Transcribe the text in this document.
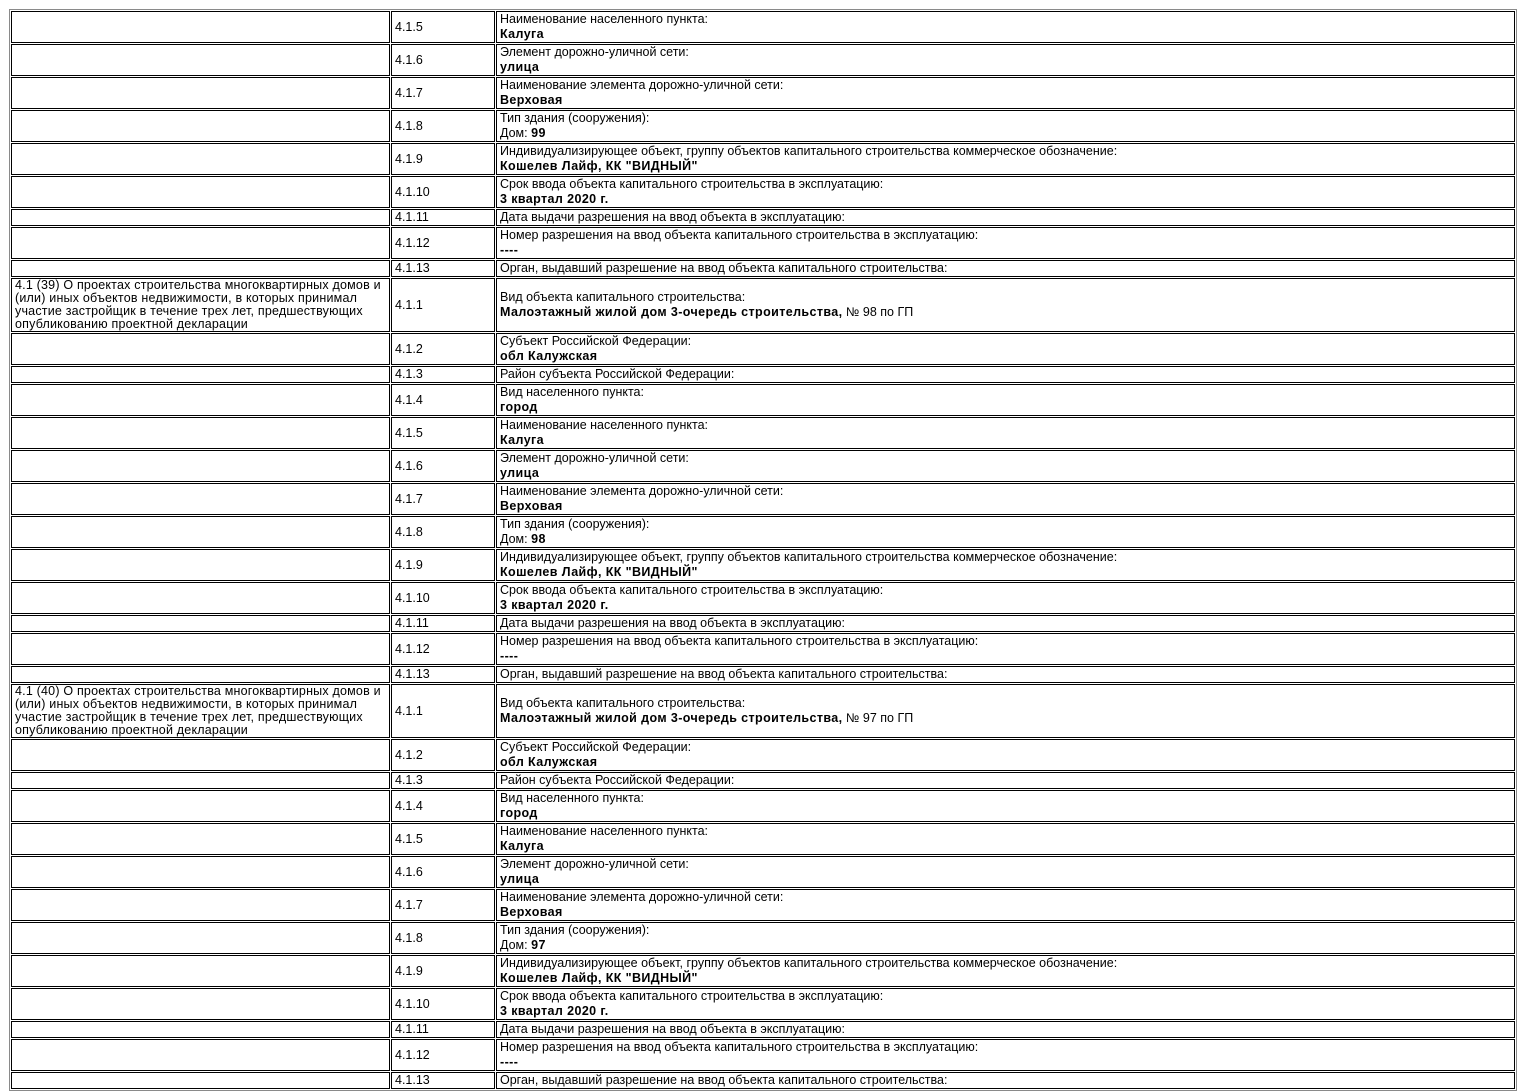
	4.1.5	Наименование населенного пункта:
Калуга

	4.1.6	Элемент дорожно-уличной сети:
улица

	4.1.7	Наименование элемента дорожно-уличной сети:
Верховая

	4.1.8	Тип здания (сооружения):
Дом: 99

	4.1.9	Индивидуализирующее объект, группу объектов капитального строительства коммерческое обозначение:
Кошелев Лайф, КК "ВИДНЫЙ"

	4.1.10	Срок ввода объекта капитального строительства в эксплуатацию:
3 квартал 2020 г.

	4.1.11	Дата выдачи разрешения на ввод объекта в эксплуатацию:

	4.1.12	Номер разрешения на ввод объекта капитального строительства в эксплуатацию:
----

	4.1.13	Орган, выдавший разрешение на ввод объекта капитального строительства:

4.1 (39) О проектах строительства многоквартирных домов и (или) иных объектов недвижимости, в которых принимал участие застройщик в течение трех лет, предшествующих опубликованию проектной декларации	4.1.1	Вид объекта капитального строительства:
Малоэтажный жилой дом 3-очередь строительства, № 98 по ГП

	4.1.2	Субъект Российской Федерации:
обл Калужская

	4.1.3	Район субъекта Российской Федерации:

	4.1.4	Вид населенного пункта:
город

	4.1.5	Наименование населенного пункта:
Калуга

	4.1.6	Элемент дорожно-уличной сети:
улица

	4.1.7	Наименование элемента дорожно-уличной сети:
Верховая

	4.1.8	Тип здания (сооружения):
Дом: 98

	4.1.9	Индивидуализирующее объект, группу объектов капитального строительства коммерческое обозначение:
Кошелев Лайф, КК "ВИДНЫЙ"

	4.1.10	Срок ввода объекта капитального строительства в эксплуатацию:
3 квартал 2020 г.

	4.1.11	Дата выдачи разрешения на ввод объекта в эксплуатацию:

	4.1.12	Номер разрешения на ввод объекта капитального строительства в эксплуатацию:
----

	4.1.13	Орган, выдавший разрешение на ввод объекта капитального строительства:

4.1 (40) О проектах строительства многоквартирных домов и (или) иных объектов недвижимости, в которых принимал участие застройщик в течение трех лет, предшествующих опубликованию проектной декларации	4.1.1	Вид объекта капитального строительства:
Малоэтажный жилой дом 3-очередь строительства, № 97 по ГП

	4.1.2	Субъект Российской Федерации:
обл Калужская

	4.1.3	Район субъекта Российской Федерации:

	4.1.4	Вид населенного пункта:
город

	4.1.5	Наименование населенного пункта:
Калуга

	4.1.6	Элемент дорожно-уличной сети:
улица

	4.1.7	Наименование элемента дорожно-уличной сети:
Верховая

	4.1.8	Тип здания (сооружения):
Дом: 97

	4.1.9	Индивидуализирующее объект, группу объектов капитального строительства коммерческое обозначение:
Кошелев Лайф, КК "ВИДНЫЙ"

	4.1.10	Срок ввода объекта капитального строительства в эксплуатацию:
3 квартал 2020 г.

	4.1.11	Дата выдачи разрешения на ввод объекта в эксплуатацию:

	4.1.12	Номер разрешения на ввод объекта капитального строительства в эксплуатацию:
----

	4.1.13	Орган, выдавший разрешение на ввод объекта капитального строительства:
